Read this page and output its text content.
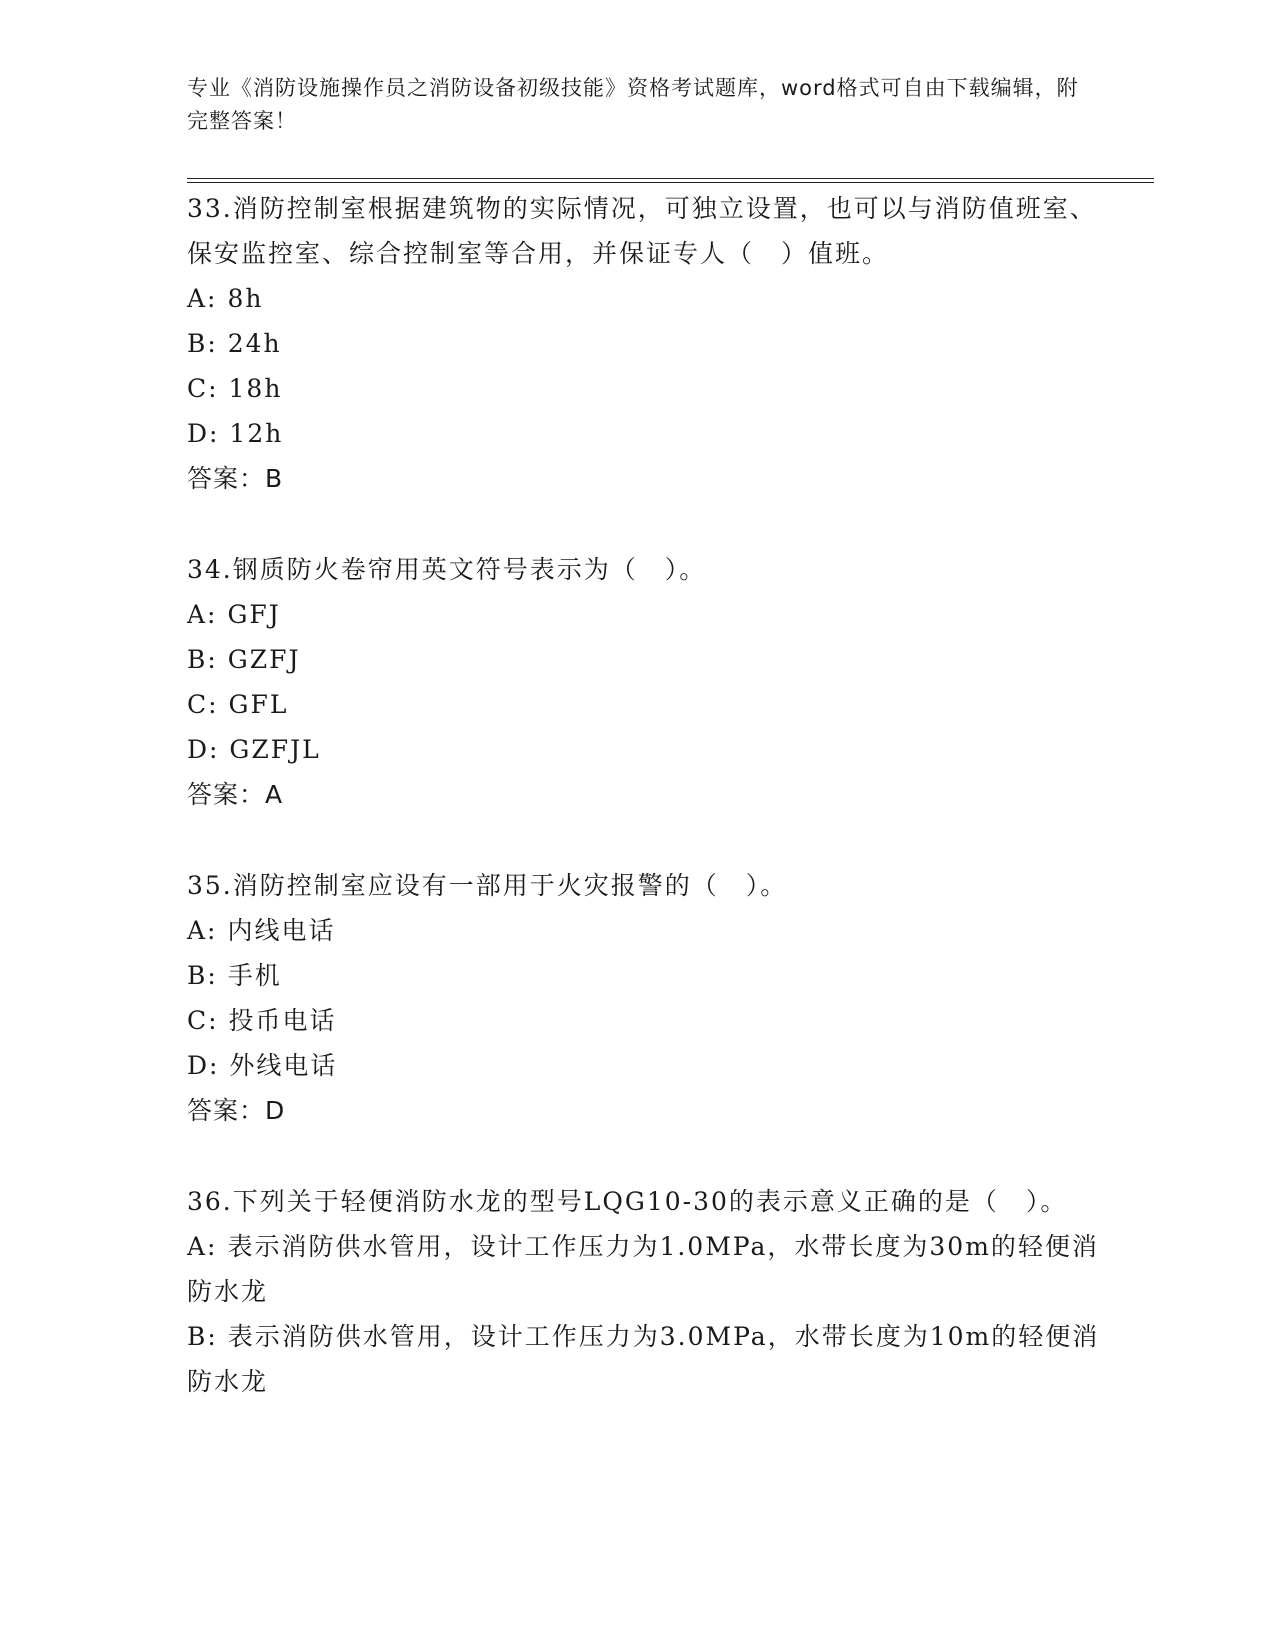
专业《消防设施操作员之消防设备初级技能》资格考试题库，word格式可自由下载编辑，附完整答案！
33.消防控制室根据建筑物的实际情况，可独立设置，也可以与消防值班室、保安监控室、综合控制室等合用，并保证专人（　）值班。
A: 8h
B: 24h
C: 18h
D: 12h
答案：B
34.钢质防火卷帘用英文符号表示为（　）。
A: GFJ
B: GZFJ
C: GFL
D: GZFJL
答案：A
35.消防控制室应设有一部用于火灾报警的（　）。
A: 内线电话
B: 手机
C: 投币电话
D: 外线电话
答案：D
36.下列关于轻便消防水龙的型号LQG10-30的表示意义正确的是（　）。
A: 表示消防供水管用，设计工作压力为1.0MPa，水带长度为30m的轻便消防水龙
B: 表示消防供水管用，设计工作压力为3.0MPa，水带长度为10m的轻便消防水龙
